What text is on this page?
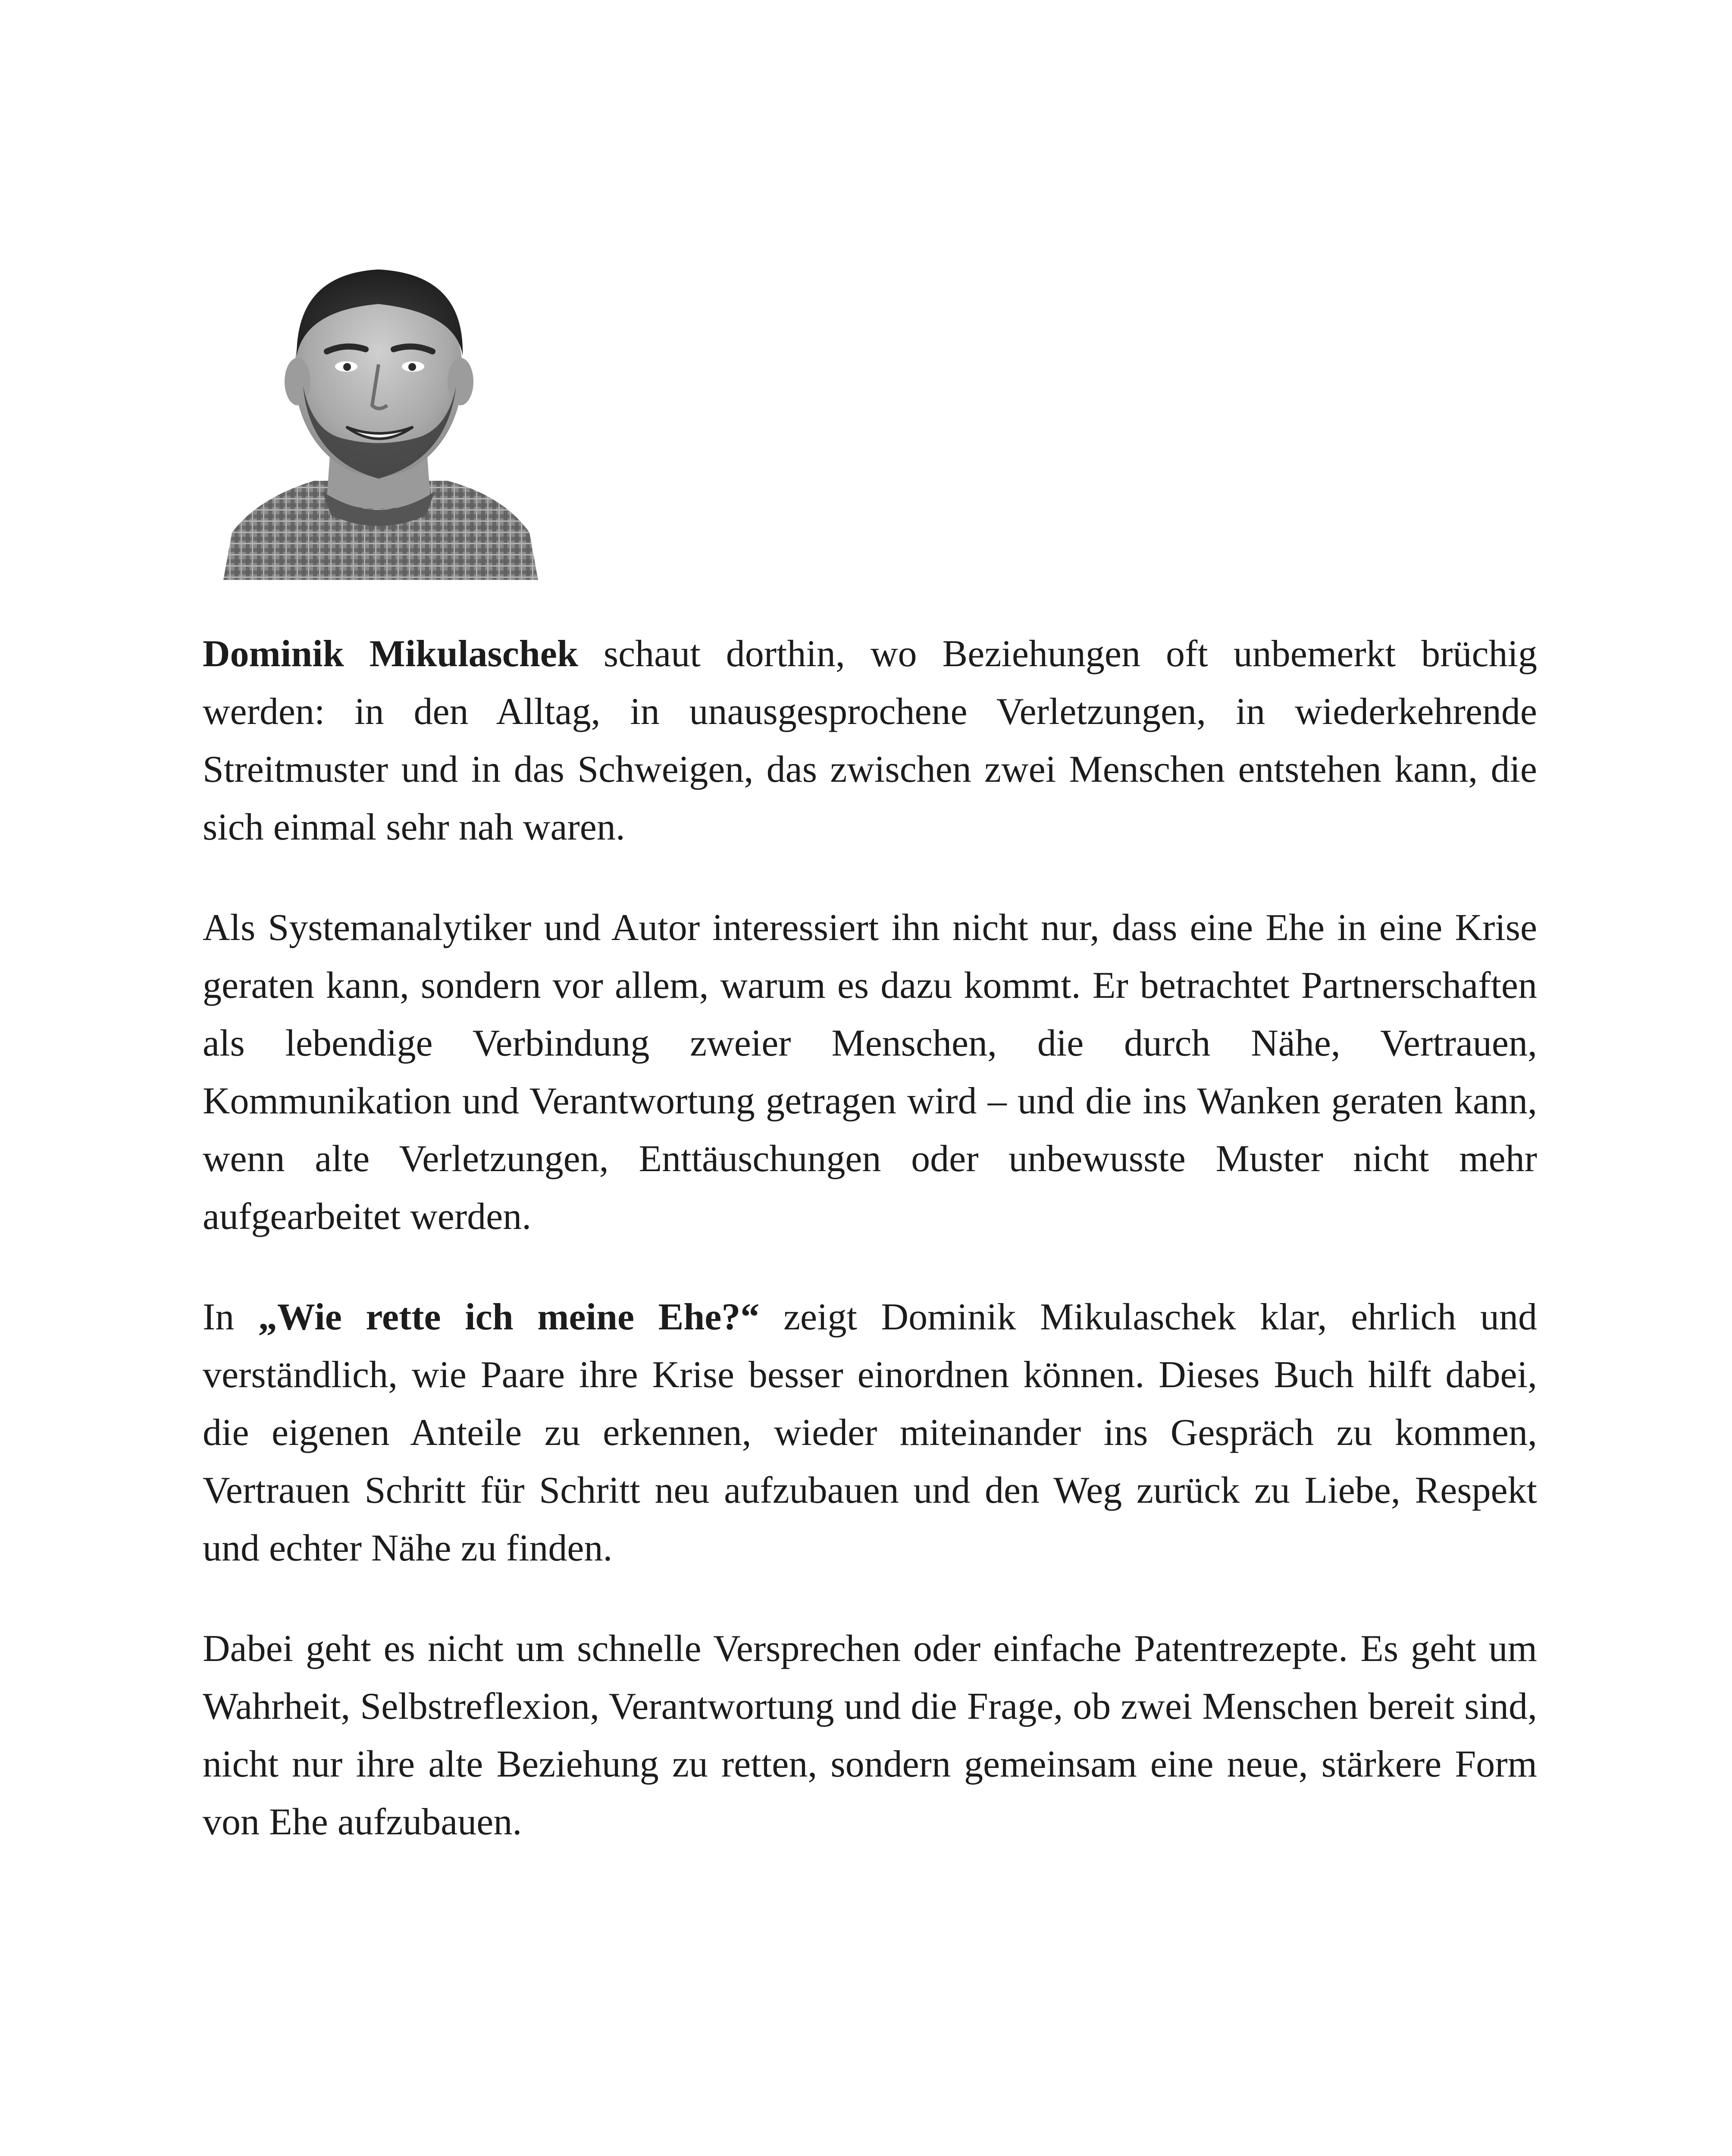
Dominik Mikulaschek schaut dorthin, wo Beziehungen oft unbemerkt brüchig werden: in den Alltag, in unausgesprochene Verletzungen, in wiederkehrende Streitmuster und in das Schweigen, das zwischen zwei Menschen entstehen kann, die sich einmal sehr nah waren.

Als Systemanalytiker und Autor interessiert ihn nicht nur, dass eine Ehe in eine Krise geraten kann, sondern vor allem, warum es dazu kommt. Er betrachtet Partnerschaften als lebendige Verbindung zweier Menschen, die durch Nähe, Vertrauen, Kommunikation und Verantwortung getragen wird – und die ins Wanken geraten kann, wenn alte Verletzungen, Enttäuschungen oder unbewusste Muster nicht mehr aufgearbeitet werden.

In „Wie rette ich meine Ehe?“ zeigt Dominik Mikulaschek klar, ehrlich und verständlich, wie Paare ihre Krise besser einordnen können. Dieses Buch hilft dabei, die eigenen Anteile zu erkennen, wieder miteinander ins Gespräch zu kommen, Vertrauen Schritt für Schritt neu aufzubauen und den Weg zurück zu Liebe, Respekt und echter Nähe zu finden.

Dabei geht es nicht um schnelle Versprechen oder einfache Patentrezepte. Es geht um Wahrheit, Selbstreflexion, Verantwortung und die Frage, ob zwei Menschen bereit sind, nicht nur ihre alte Beziehung zu retten, sondern gemeinsam eine neue, stärkere Form von Ehe aufzubauen.
